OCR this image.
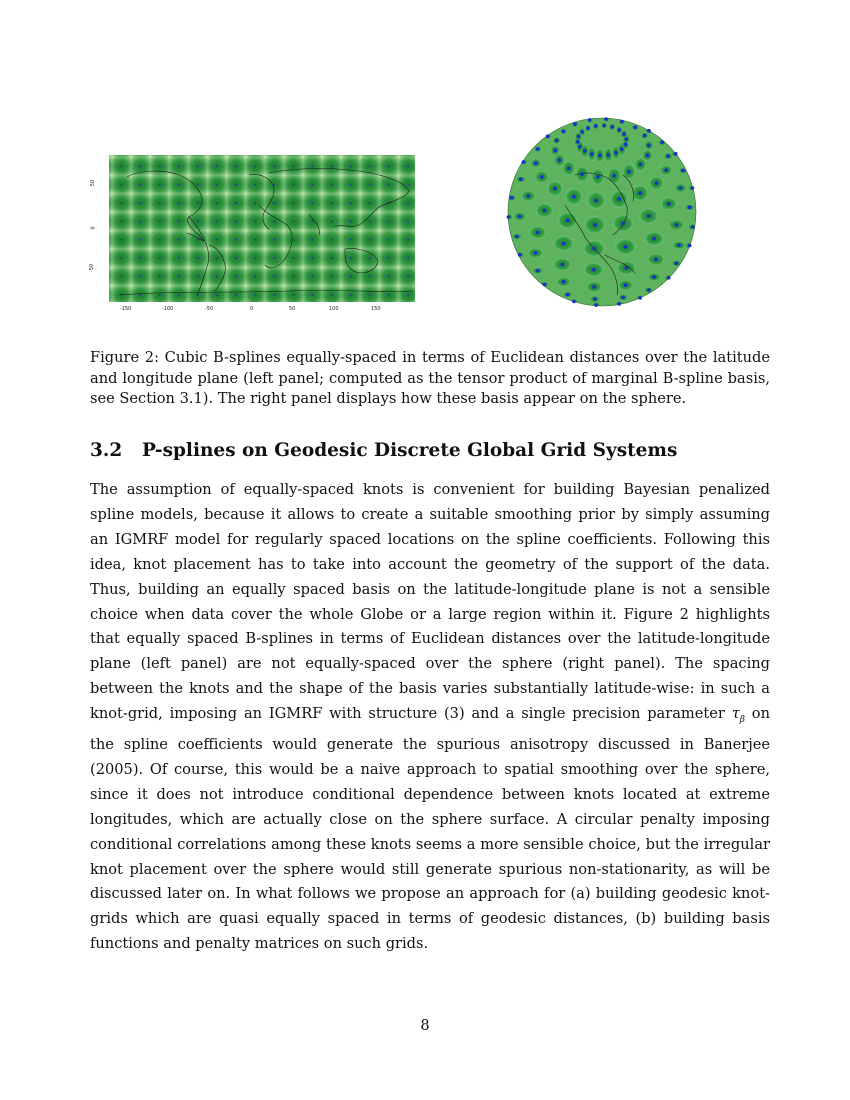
50
0
-50
-150	-100	-50	0	50	100	150
Figure 2: Cubic B-splines equally-spaced in terms of Euclidean distances over the latitude and longitude plane (left panel; computed as the tensor product of marginal B-spline basis, see Section 3.1). The right panel displays how these basis appear on the sphere.
3.2 P-splines on Geodesic Discrete Global Grid Systems
The assumption of equally-spaced knots is convenient for building Bayesian penalized spline models, because it allows to create a suitable smoothing prior by simply assuming an IGMRF model for regularly spaced locations on the spline coefficients. Following this idea, knot placement has to take into account the geometry of the support of the data. Thus, building an equally spaced basis on the latitude-longitude plane is not a sensible choice when data cover the whole Globe or a large region within it. Figure 2 highlights that equally spaced B-splines in terms of Euclidean distances over the latitude-longitude plane (left panel) are not equally-spaced over the sphere (right panel). The spacing between the knots and the shape of the basis varies substantially latitude-wise: in such a knot-grid, imposing an IGMRF with structure (3) and a single precision parameter $\tau_\beta$ on the spline coefficients would generate the spurious anisotropy discussed in Banerjee (2005). Of course, this would be a naive approach to spatial smoothing over the sphere, since it does not introduce conditional dependence between knots located at extreme longitudes, which are actually close on the sphere surface. A circular penalty imposing conditional correlations among these knots seems a more sensible choice, but the irregular knot placement over the sphere would still generate spurious non-stationarity, as will be discussed later on. In what follows we propose an approach for (a) building geodesic knot-grids which are quasi equally spaced in terms of geodesic distances, (b) building basis functions and penalty matrices on such grids.
8
